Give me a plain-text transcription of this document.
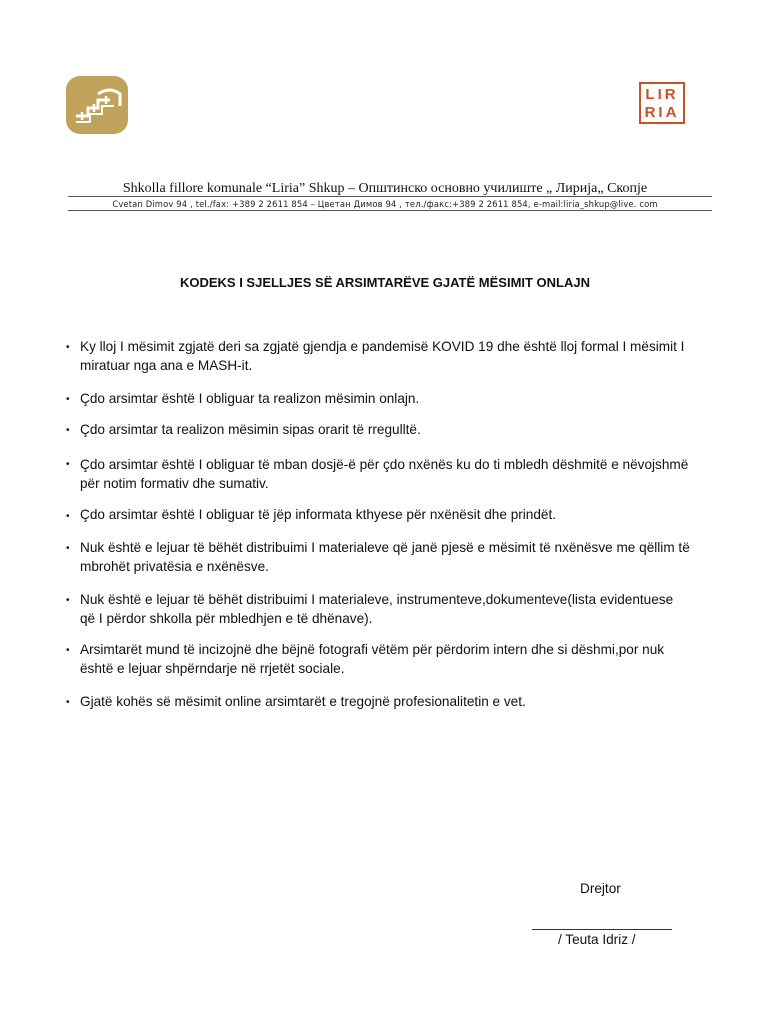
LIR
RIA
Shkolla fillore komunale “Liria” Shkup – Општинско основно училиште „ Лирија„ Скопје
Cvetan Dimov 94 , tel./fax: +389 2 2611 854 – Цветан Димов 94 , тел./факс:+389 2 2611 854, e-mail:liria_shkup@live. com
KODEKS I SJELLJES SË ARSIMTARËVE GJATË MËSIMIT ONLAJN
• Ky lloj I mësimit zgjatë deri sa zgjatë gjendja e pandemisë KOVID 19 dhe është lloj formal I mësimit I miratuar nga ana e MASH-it.
• Çdo arsimtar është I obliguar ta realizon mësimin onlajn.
• Çdo arsimtar ta realizon mësimin sipas orarit të rregulltë.
• Çdo arsimtar është I obliguar të mban dosjë-ë për çdo nxënës ku do ti mbledh dëshmitë e nëvojshmë për notim formativ dhe sumativ.
• Çdo arsimtar është I obliguar të jëp informata kthyese për nxënësit dhe prindët.
• Nuk është e lejuar të bëhët distribuimi I materialeve që janë pjesë e mësimit të nxënësve me qëllim të mbrohët privatësia e nxënësve.
• Nuk është e lejuar të bëhët distribuimi I materialeve, instrumenteve,dokumenteve(lista evidentuese që I përdor shkolla për mbledhjen e të dhënave).
• Arsimtarët mund të incizojnë dhe bëjnë fotografi vëtëm për përdorim intern dhe si dëshmi,por nuk është e lejuar shpërndarje në rrjetët sociale.
• Gjatë kohës së mësimit online arsimtarët e tregojnë profesionalitetin e vet.
Drejtor
/ Teuta Idriz /
